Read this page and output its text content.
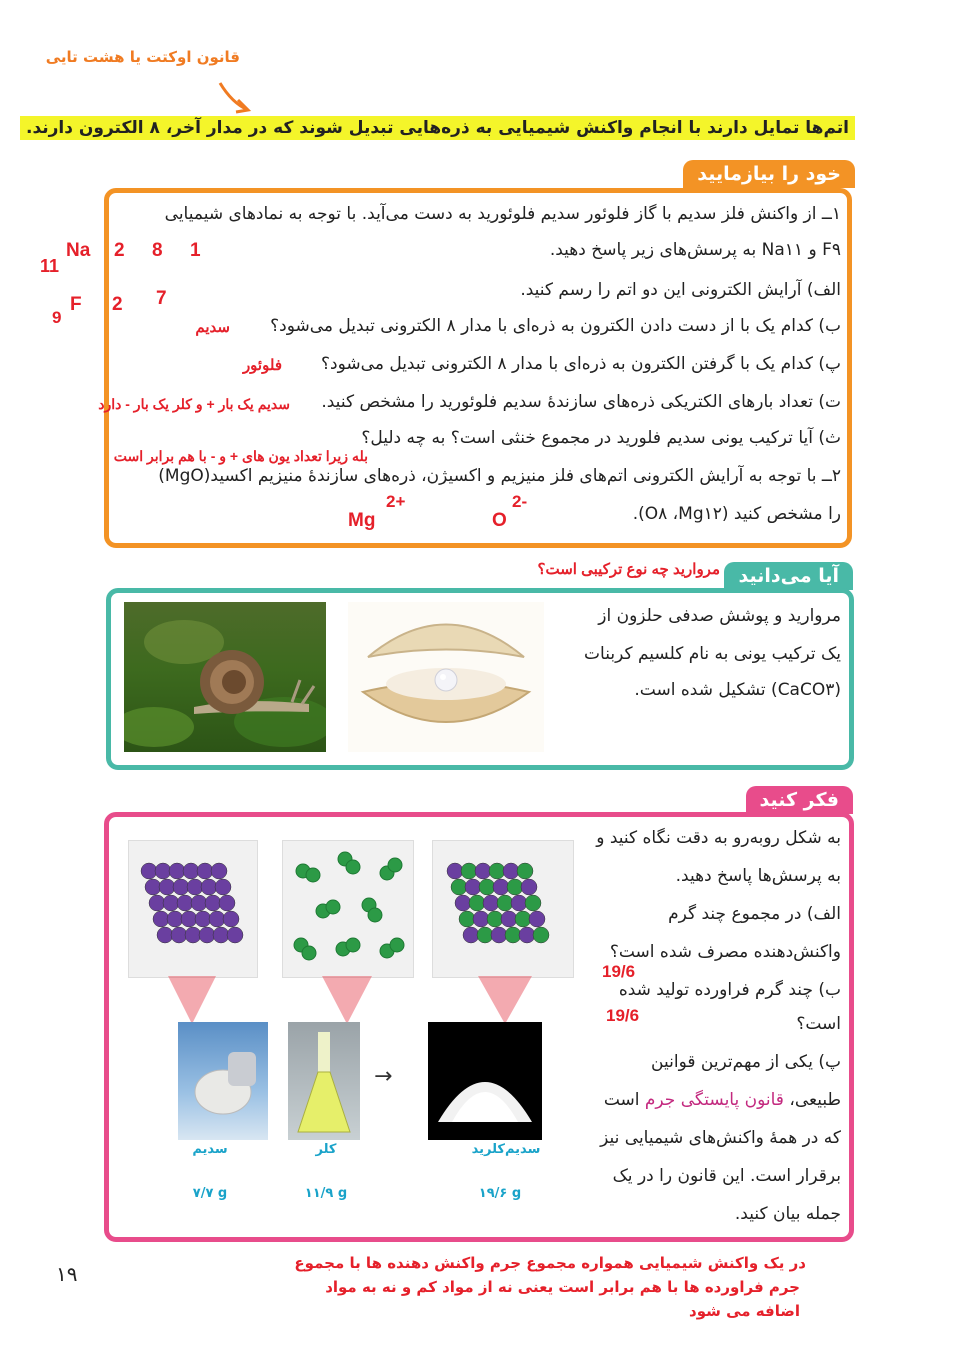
قانون اوکتت یا هشت تایی
اتم‌ها تمایل دارند با انجام واکنش شیمیایی به ذره‌هایی تبدیل شوند که در مدار آخر، ۸ الکترون دارند.
خود را بیازمایید
۱ــ از واکنش فلز سدیم با گاز فلوئور سدیم فلوئورید به دست می‌آید. با توجه به نمادهای شیمیایی
F۹ و Na۱۱ به پرسش‌های زیر پاسخ دهید.
الف) آرایش الکترونی این دو اتم را رسم کنید.
ب) کدام یک با از دست دادن الکترون به ذره‌ای با مدار ۸ الکترونی تبدیل می‌شود؟
پ) کدام یک با گرفتن الکترون به ذره‌ای با مدار ۸ الکترونی تبدیل می‌شود؟
ت) تعداد بارهای الکتریکی ذره‌های سازندهٔ سدیم فلوئورید را مشخص کنید.
ث) آیا ترکیب یونی سدیم فلورید در مجموع خنثی است؟ به چه دلیل؟
۲ــ با توجه به آرایش الکترونی اتم‌های فلز منیزیم و اکسیژن، ذره‌های سازندهٔ منیزیم اکسید(MgO)
را مشخص کنید (O۸ ،Mg۱۲).
11
Na 2 8 1
9
F 2 7
سدیم
فلوئور
سدیم یک بار + و کلر یک بار - دارد
بله زیرا تعداد یون های + و - با هم برابر است
Mg
2+
O
2-
مروارید چه نوع ترکیبی است؟ آیا می‌دانید
مروارید و پوشش صدفی حلزون از
یک ترکیب یونی به نام کلسیم کربنات
(CaCO۳) تشکیل شده است.
فکر کنید
→
سدیم	کلر	سدیم‌کلرید
۷/۷ g	۱۱/۹ g	۱۹/۶ g
به شکل روبه‌رو به دقت نگاه کنید و
به پرسش‌ها پاسخ دهید.
الف) در مجموع چند گرم
واکنش‌دهنده مصرف شده است؟
ب) چند گرم فراورده تولید شده
است؟
پ) یکی از مهم‌ترین قوانین
طبیعی، قانون پایستگی جرم است
که در همهٔ واکنش‌های شیمیایی نیز
برقرار است. این قانون را در یک
جمله بیان کنید.
19/6
19/6
۱۹	در یک واکنش شیمیایی همواره مجموع جرم واکنش دهنده ها با مجموع
جرم فراورده ها با هم برابر است یعنی نه از مواد کم و نه به مواد
اضافه می شود
